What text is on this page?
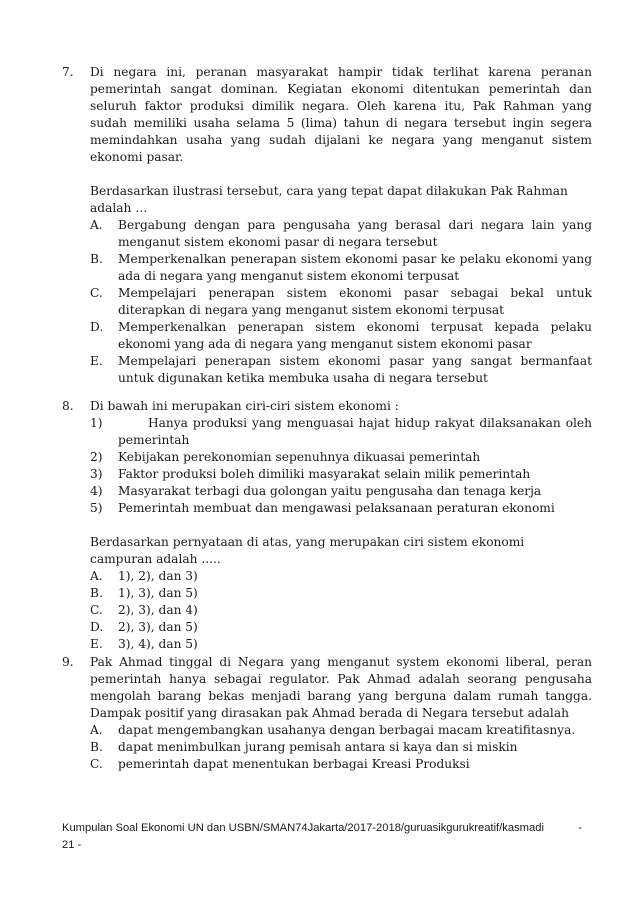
7. Di negara ini, peranan masyarakat hampir tidak terlihat karena peranan pemerintah sangat dominan. Kegiatan ekonomi ditentukan pemerintah dan seluruh faktor produksi dimilik negara. Oleh karena itu, Pak Rahman yang sudah memiliki usaha selama 5 (lima) tahun di negara tersebut ingin segera memindahkan usaha yang sudah dijalani ke negara yang menganut sistem ekonomi pasar.

Berdasarkan ilustrasi tersebut, cara yang tepat dapat dilakukan Pak Rahman adalah …

A.	Bergabung dengan para pengusaha yang berasal dari negara lain yang menganut sistem ekonomi pasar di negara tersebut
B.	Memperkenalkan penerapan sistem ekonomi pasar ke pelaku ekonomi yang ada di negara yang menganut sistem ekonomi terpusat
C.	Mempelajari penerapan sistem ekonomi pasar sebagai bekal untuk diterapkan di negara yang menganut sistem ekonomi terpusat
D.	Memperkenalkan penerapan sistem ekonomi terpusat kepada pelaku ekonomi yang ada di negara yang menganut sistem ekonomi pasar
E.	Mempelajari penerapan sistem ekonomi pasar yang sangat bermanfaat untuk digunakan ketika membuka usaha di negara tersebut
8. Di bawah ini merupakan ciri-ciri sistem ekonomi :

1)	Hanya produksi yang menguasai hajat hidup rakyat dilaksanakan oleh pemerintah
2)	Kebijakan perekonomian sepenuhnya dikuasai pemerintah
3)	Faktor produksi boleh dimiliki masyarakat selain milik pemerintah
4)	Masyarakat terbagi dua golongan yaitu pengusaha dan tenaga kerja
5)	Pemerintah membuat dan mengawasi pelaksanaan peraturan ekonomi

Berdasarkan pernyataan di atas, yang merupakan ciri sistem ekonomi campuran adalah .....

A.	1), 2), dan 3)
B.	1), 3), dan 5)
C.	2), 3), dan 4)
D.	2), 3), dan 5)
E.	3), 4), dan 5)
9. Pak Ahmad tinggal di Negara yang menganut system ekonomi liberal, peran pemerintah hanya sebagai regulator. Pak Ahmad adalah seorang pengusaha mengolah barang bekas menjadi barang yang berguna dalam rumah tangga. Dampak positif yang dirasakan pak Ahmad berada di Negara tersebut adalah

A.	dapat mengembangkan usahanya dengan berbagai macam kreatifitasnya.
B.	dapat menimbulkan jurang pemisah antara si kaya dan si miskin
C.	pemerintah dapat menentukan berbagai Kreasi Produksi
Kumpulan Soal Ekonomi UN dan USBN/SMAN74Jakarta/2017-2018/guruasikgurukreatif/kasmadi	-
21 -
